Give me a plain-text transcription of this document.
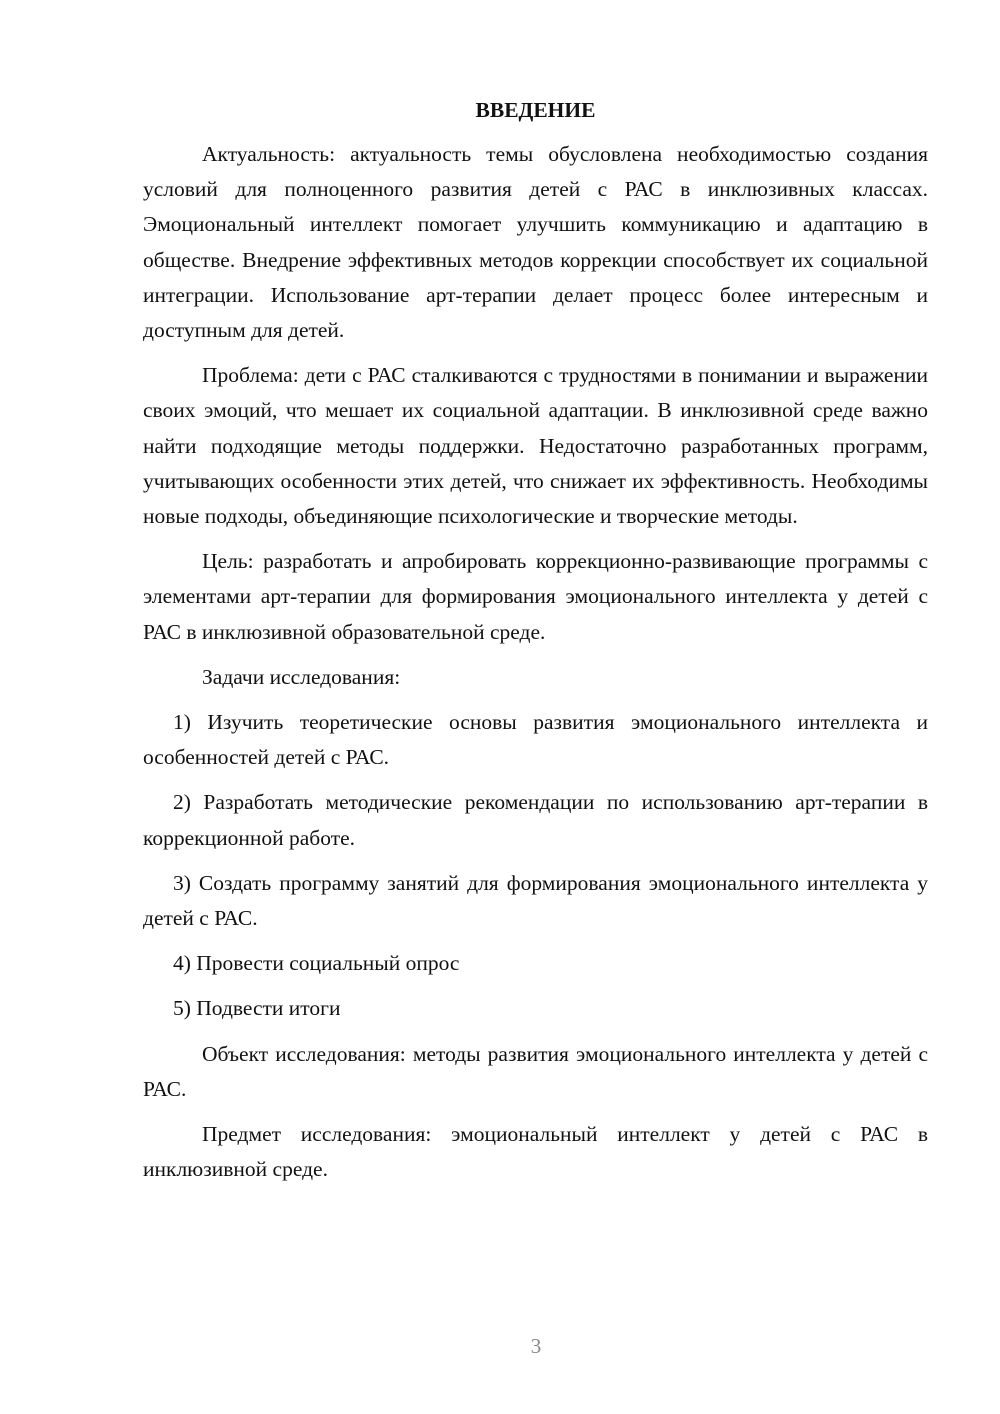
ВВЕДЕНИЕ

Актуальность: актуальность темы обусловлена необходимостью создания условий для полноценного развития детей с РАС в инклюзивных классах. Эмоциональный интеллект помогает улучшить коммуникацию и адаптацию в обществе. Внедрение эффективных методов коррекции способствует их социальной интеграции. Использование арт-терапии делает процесс более интересным и доступным для детей.

Проблема: дети с РАС сталкиваются с трудностями в понимании и выражении своих эмоций, что мешает их социальной адаптации. В инклюзивной среде важно найти подходящие методы поддержки. Недостаточно разработанных программ, учитывающих особенности этих детей, что снижает их эффективность. Необходимы новые подходы, объединяющие психологические и творческие методы.

Цель: разработать и апробировать коррекционно-развивающие программы с элементами арт-терапии для формирования эмоционального интеллекта у детей с РАС в инклюзивной образовательной среде.

Задачи исследования:

1) Изучить теоретические основы развития эмоционального интеллекта и особенностей детей с РАС.

2) Разработать методические рекомендации по использованию арт-терапии в коррекционной работе.

3) Создать программу занятий для формирования эмоционального интеллекта у детей с РАС.

4) Провести социальный опрос

5) Подвести итоги

Объект исследования: методы развития эмоционального интеллекта у детей с РАС.

Предмет исследования: эмоциональный интеллект у детей с РАС в инклюзивной среде.

3
